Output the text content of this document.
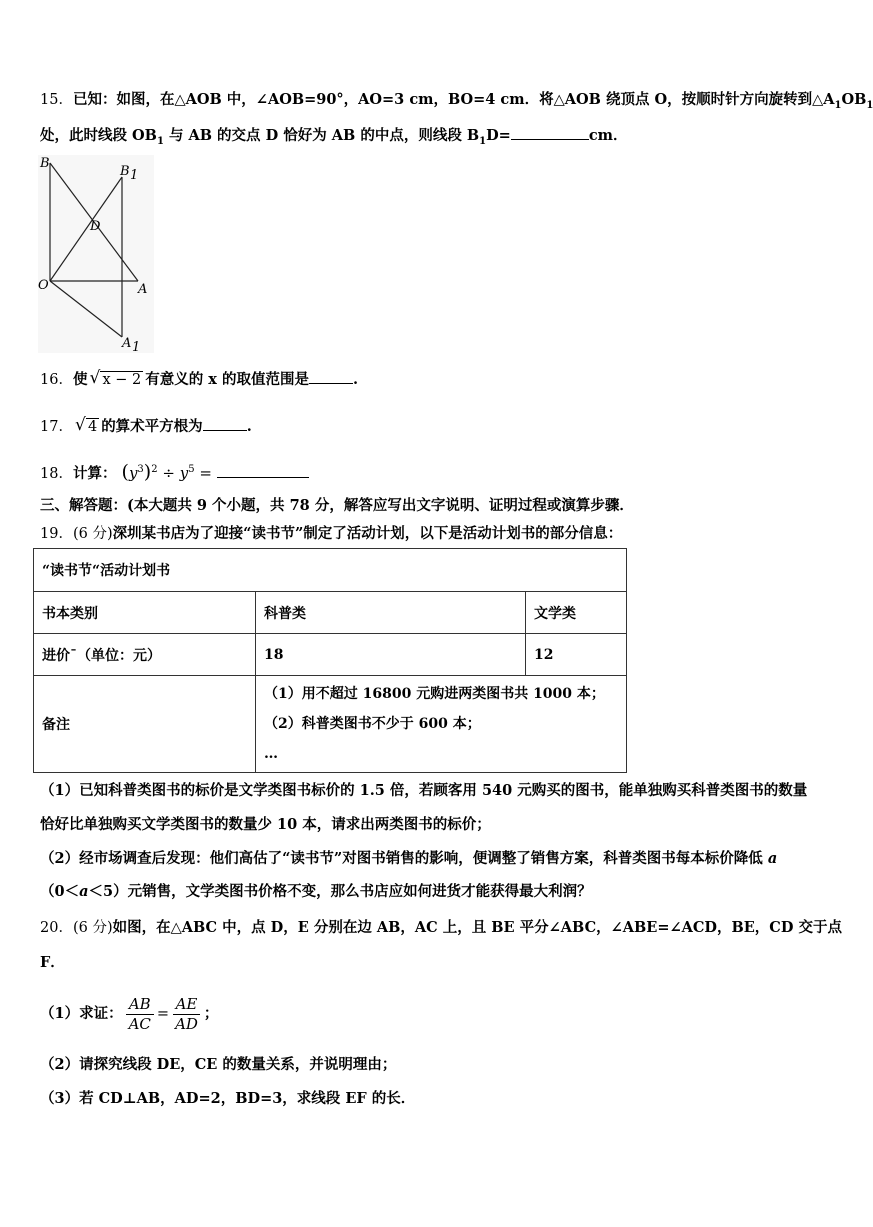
15．已知：如图，在△AOB 中，∠AOB=90°，AO=3 cm，BO=4 cm．将△AOB 绕顶点 O，按顺时针方向旋转到$\triangle A_1OB_1$
处，此时线段 $OB_1$ 与 AB 的交点 D 恰好为 AB 的中点，则线段 $B_1D=$	cm．
B
B 1
D
O	A
A 1
16．使 √ x − 2 有意义的 x 的取值范围是	.
17． √ 4 的算术平方根为	.
18．计算： $(y^3)^2 \div y^5$ =
三、解答题：(本大题共 9 个小题，共 78 分，解答应写出文字说明、证明过程或演算步骤．
19．(6 分)深圳某书店为了迎接“读书节”制定了活动计划，以下是活动计划书的部分信息：
“读书节“活动计划书		
书本类别	科普类	文学类
进价ˉ（单位：元）	18	12
备注	（1）用不超过 16800 元购进两类图书共 1000 本；
（2）科普类图书不少于 600 本；
…	
（1）已知科普类图书的标价是文学类图书标价的 1.5 倍，若顾客用 540 元购买的图书，能单独购买科普类图书的数量
恰好比单独购买文学类图书的数量少 10 本，请求出两类图书的标价；
（2）经市场调查后发现：他们高估了“读书节”对图书销售的影响，便调整了销售方案，科普类图书每本标价降低 a
（0＜a＜5）元销售，文学类图书价格不变，那么书店应如何进货才能获得最大利润？
20．(6 分)如图，在△ABC 中，点 D，E 分别在边 AB，AC 上，且 BE 平分∠ABC，∠ABE=∠ACD，BE，CD 交于点
F．
（1）求证： $\frac{AB}{AC} = \frac{AE}{AD}$ ；
（2）请探究线段 DE，CE 的数量关系，并说明理由；
（3）若 CD⊥AB，AD=2，BD=3，求线段 EF 的长．
